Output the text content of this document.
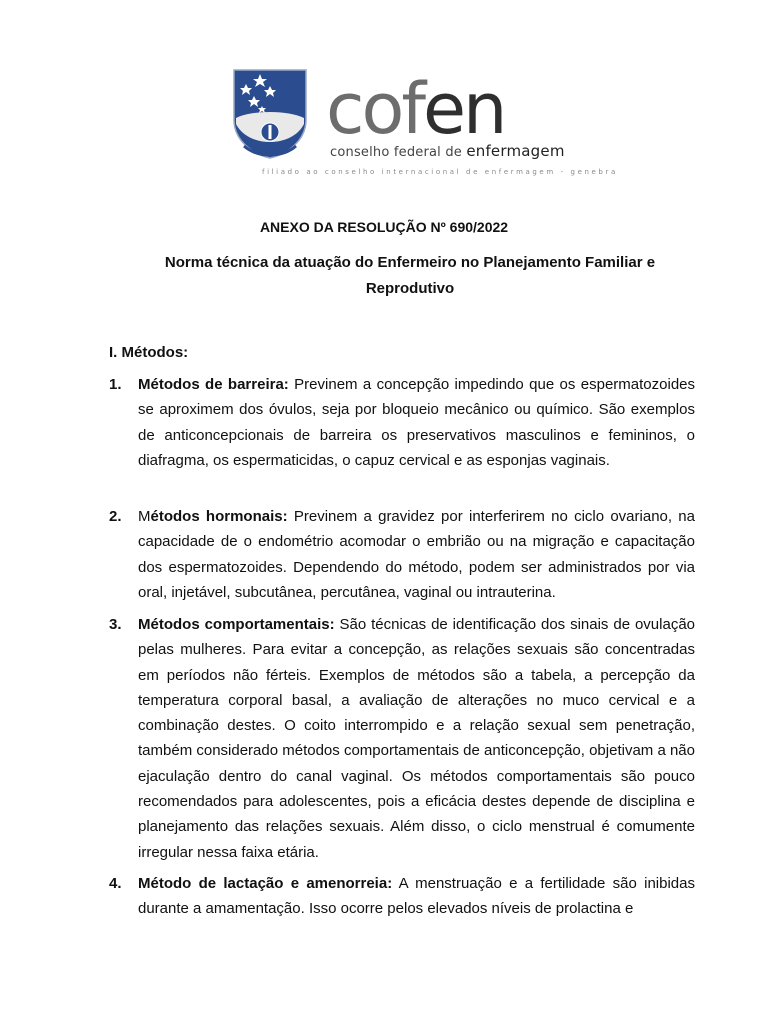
cofen
conselho federal de enfermagem
filiado ao conselho internacional de enfermagem - genebra
ANEXO DA RESOLUÇÃO Nº 690/2022
Norma técnica da atuação do Enfermeiro no Planejamento Familiar e Reprodutivo
I. Métodos:
1. Métodos de barreira: Previnem a concepção impedindo que os espermatozoides se aproximem dos óvulos, seja por bloqueio mecânico ou químico. São exemplos de anticoncepcionais de barreira os preservativos masculinos e femininos, o diafragma, os espermaticidas, o capuz cervical e as esponjas vaginais.
2. Métodos hormonais: Previnem a gravidez por interferirem no ciclo ovariano, na capacidade de o endométrio acomodar o embrião ou na migração e capacitação dos espermatozoides. Dependendo do método, podem ser administrados por via oral, injetável, subcutânea, percutânea, vaginal ou intrauterina.
3. Métodos comportamentais: São técnicas de identificação dos sinais de ovulação pelas mulheres. Para evitar a concepção, as relações sexuais são concentradas em períodos não férteis. Exemplos de métodos são a tabela, a percepção da temperatura corporal basal, a avaliação de alterações no muco cervical e a combinação destes. O coito interrompido e a relação sexual sem penetração, também considerado métodos comportamentais de anticoncepção, objetivam a não ejaculação dentro do canal vaginal. Os métodos comportamentais são pouco recomendados para adolescentes, pois a eficácia destes depende de disciplina e planejamento das relações sexuais. Além disso, o ciclo menstrual é comumente irregular nessa faixa etária.
4. Método de lactação e amenorreia: A menstruação e a fertilidade são inibidas durante a amamentação. Isso ocorre pelos elevados níveis de prolactina e
